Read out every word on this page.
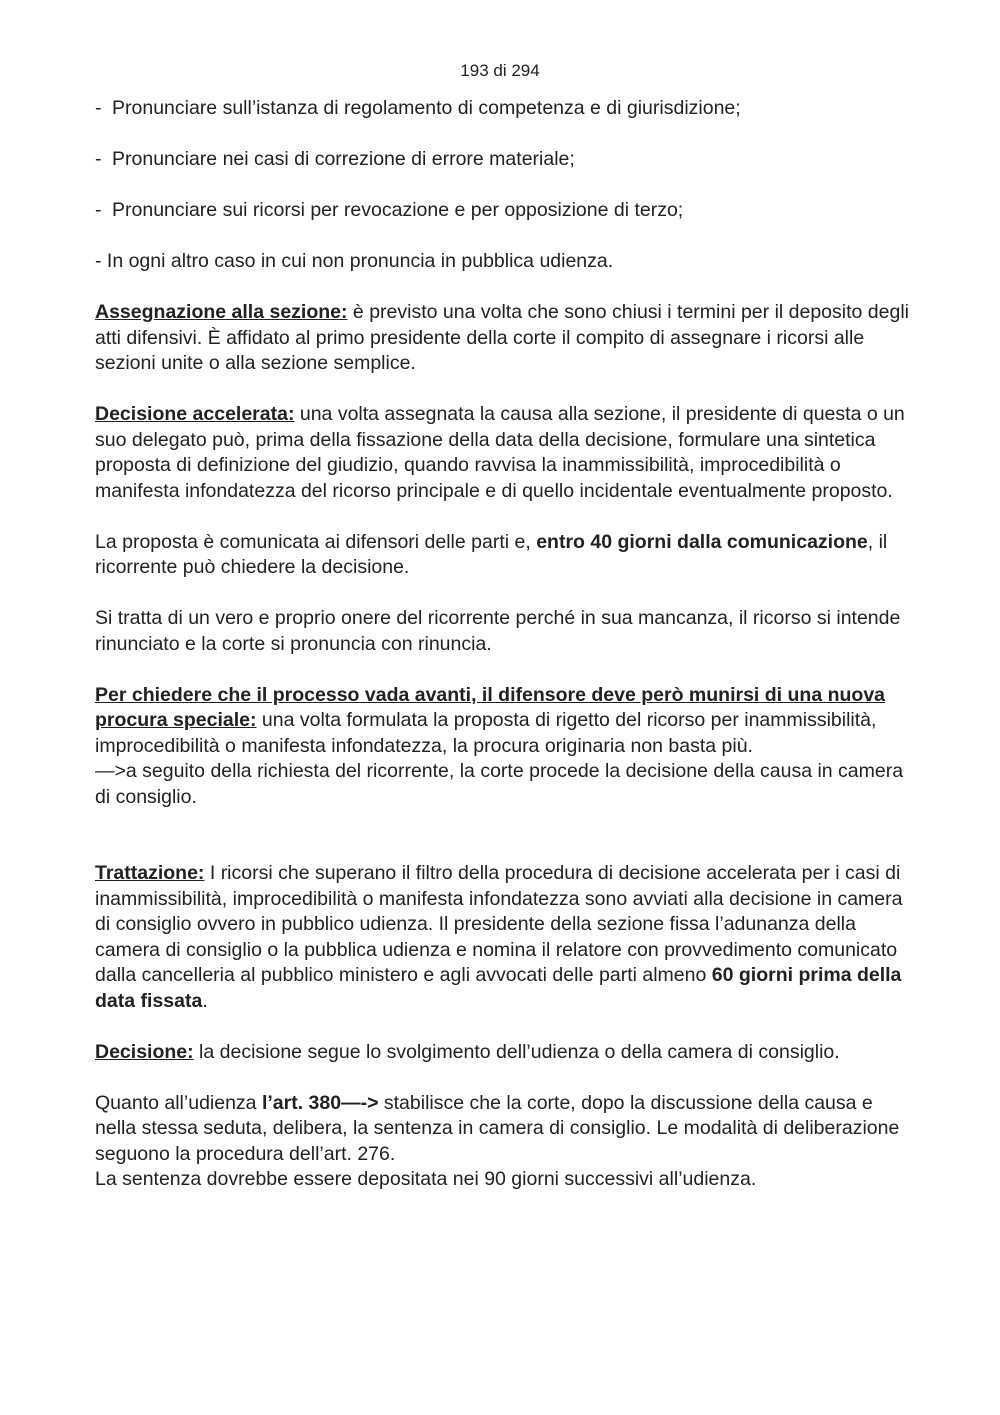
193 di 294

- Pronunciare sull’istanza di regolamento di competenza e di giurisdizione;

- Pronunciare nei casi di correzione di errore materiale;

- Pronunciare sui ricorsi per revocazione e per opposizione di terzo;

- In ogni altro caso in cui non pronuncia in pubblica udienza.

Assegnazione alla sezione: è previsto una volta che sono chiusi i termini per il deposito degli atti difensivi. È affidato al primo presidente della corte il compito di assegnare i ricorsi alle sezioni unite o alla sezione semplice.

Decisione accelerata: una volta assegnata la causa alla sezione, il presidente di questa o un suo delegato può, prima della fissazione della data della decisione, formulare una sintetica proposta di definizione del giudizio, quando ravvisa la inammissibilità, improcedibilità o manifesta infondatezza del ricorso principale e di quello incidentale eventualmente proposto.

La proposta è comunicata ai difensori delle parti e, entro 40 giorni dalla comunicazione, il ricorrente può chiedere la decisione.

Si tratta di un vero e proprio onere del ricorrente perché in sua mancanza, il ricorso si intende rinunciato e la corte si pronuncia con rinuncia.

Per chiedere che il processo vada avanti, il difensore deve però munirsi di una nuova procura speciale: una volta formulata la proposta di rigetto del ricorso per inammissibilità, improcedibilità o manifesta infondatezza, la procura originaria non basta più.

—>a seguito della richiesta del ricorrente, la corte procede la decisione della causa in camera di consiglio.

Trattazione: I ricorsi che superano il filtro della procedura di decisione accelerata per i casi di inammissibilità, improcedibilità o manifesta infondatezza sono avviati alla decisione in camera di consiglio ovvero in pubblico udienza. Il presidente della sezione fissa l’adunanza della camera di consiglio o la pubblica udienza e nomina il relatore con provvedimento comunicato dalla cancelleria al pubblico ministero e agli avvocati delle parti almeno 60 giorni prima della data fissata.

Decisione: la decisione segue lo svolgimento dell’udienza o della camera di consiglio.

Quanto all’udienza l’art. 380—-> stabilisce che la corte, dopo la discussione della causa e nella stessa seduta, delibera, la sentenza in camera di consiglio. Le modalità di deliberazione seguono la procedura dell’art. 276.

La sentenza dovrebbe essere depositata nei 90 giorni successivi all’udienza.
